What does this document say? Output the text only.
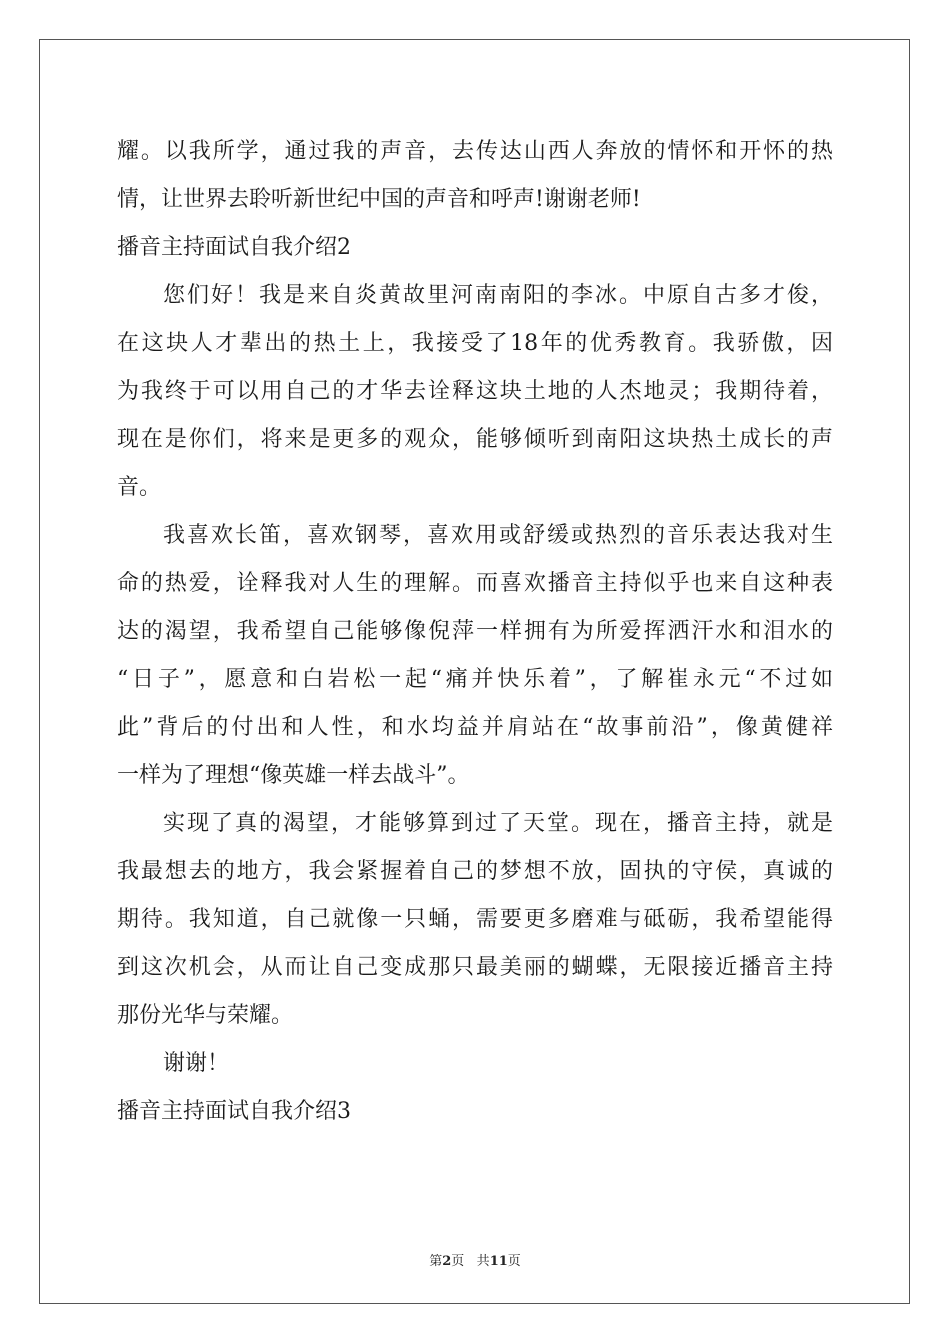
耀。以我所学，通过我的声音，去传达山西人奔放的情怀和开怀的热
情，让世界去聆听新世纪中国的声音和呼声!谢谢老师!
播音主持面试自我介绍2
您们好！我是来自炎黄故里河南南阳的李冰。中原自古多才俊，
在这块人才辈出的热土上，我接受了18年的优秀教育。我骄傲，因
为我终于可以用自己的才华去诠释这块土地的人杰地灵；我期待着，
现在是你们，将来是更多的观众，能够倾听到南阳这块热土成长的声
音。
我喜欢长笛，喜欢钢琴，喜欢用或舒缓或热烈的音乐表达我对生
命的热爱，诠释我对人生的理解。而喜欢播音主持似乎也来自这种表
达的渴望，我希望自己能够像倪萍一样拥有为所爱挥洒汗水和泪水的
“日子”，愿意和白岩松一起“痛并快乐着”，了解崔永元“不过如
此”背后的付出和人性，和水均益并肩站在“故事前沿”，像黄健祥
一样为了理想“像英雄一样去战斗”。
实现了真的渴望，才能够算到过了天堂。现在，播音主持，就是
我最想去的地方，我会紧握着自己的梦想不放，固执的守侯，真诚的
期待。我知道，自己就像一只蛹，需要更多磨难与砥砺，我希望能得
到这次机会，从而让自己变成那只最美丽的蝴蝶，无限接近播音主持
那份光华与荣耀。
谢谢！
播音主持面试自我介绍3
第2页 共11页
